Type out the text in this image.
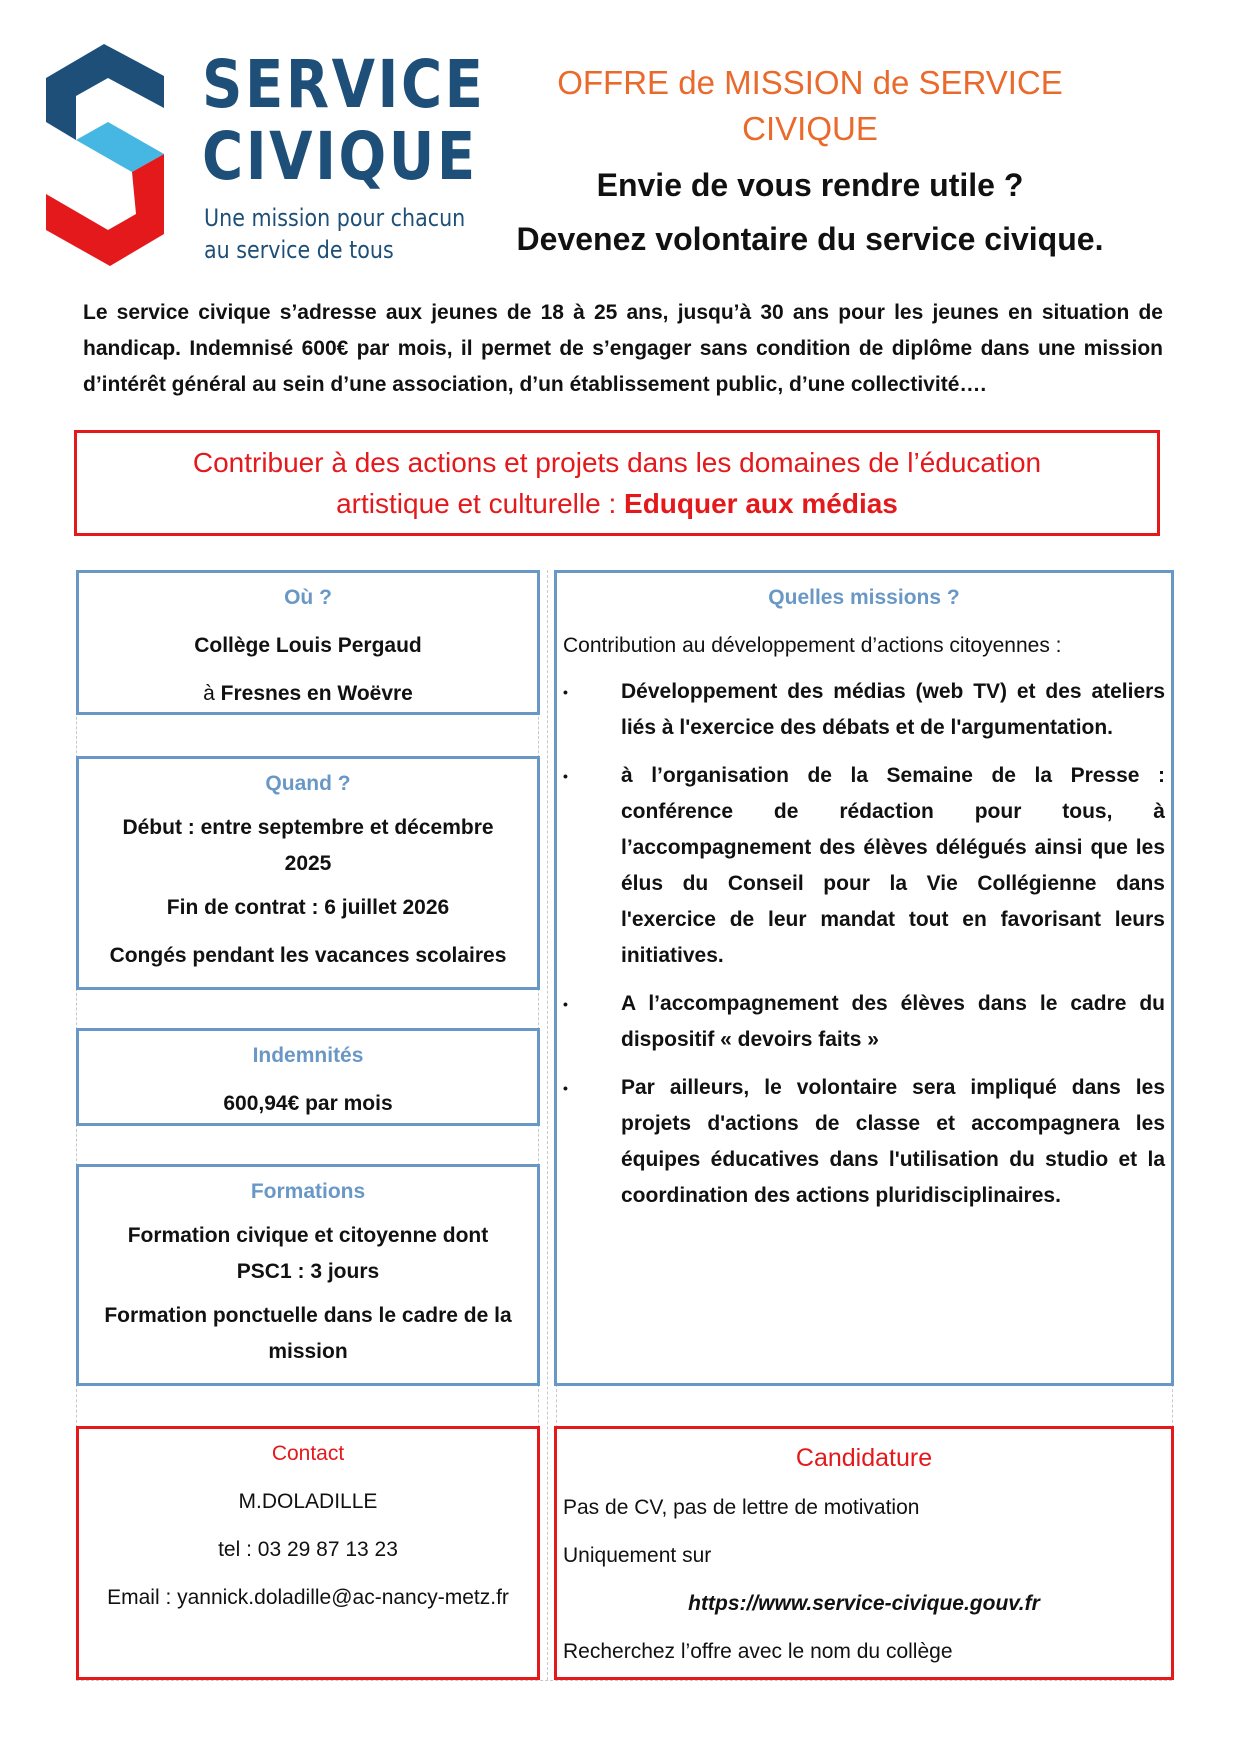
SERVICE
CIVIQUE
Une mission pour chacun
au service de tous

OFFRE de MISSION de SERVICE CIVIQUE

Envie de vous rendre utile ?

Devenez volontaire du service civique.

Le service civique s’adresse aux jeunes de 18 à 25 ans, jusqu’à 30 ans pour les jeunes en situation de handicap. Indemnisé 600€ par mois, il permet de s’engager sans condition de diplôme dans une mission d’intérêt général au sein d’une association, d’un établissement public, d’une collectivité….

Contribuer à des actions et projets dans les domaines de l’éducation
artistique et culturelle : Eduquer aux médias
Où ?

Collège Louis Pergaud

à Fresnes en Woëvre

Quand ?

Début : entre septembre et décembre 2025

Fin de contrat : 6 juillet 2026

Congés pendant les vacances scolaires

Indemnités

600,94€ par mois

Formations

Formation civique et citoyenne dont PSC1 : 3 jours

Formation ponctuelle dans le cadre de la mission

Quelles missions ?

Contribution au développement d’actions citoyennes :

•	Développement des médias (web TV) et des ateliers liés à l'exercice des débats et de l'argumentation.
•	à l’organisation de la Semaine de la Presse : conférence de rédaction pour tous, à l’accompagnement des élèves délégués ainsi que les élus du Conseil pour la Vie Collégienne dans l'exercice de leur mandat tout en favorisant leurs initiatives.
•	A l’accompagnement des élèves dans le cadre du dispositif « devoirs faits »
•	Par ailleurs, le volontaire sera impliqué dans les projets d'actions de classe et accompagnera les équipes éducatives dans l'utilisation du studio et la coordination des actions pluridisciplinaires.
Contact

M.DOLADILLE

tel : 03 29 87 13 23

Email : yannick.doladille@ac-nancy-metz.fr

Candidature

Pas de CV, pas de lettre de motivation

Uniquement sur

https://www.service-civique.gouv.fr

Recherchez l’offre avec le nom du collège
